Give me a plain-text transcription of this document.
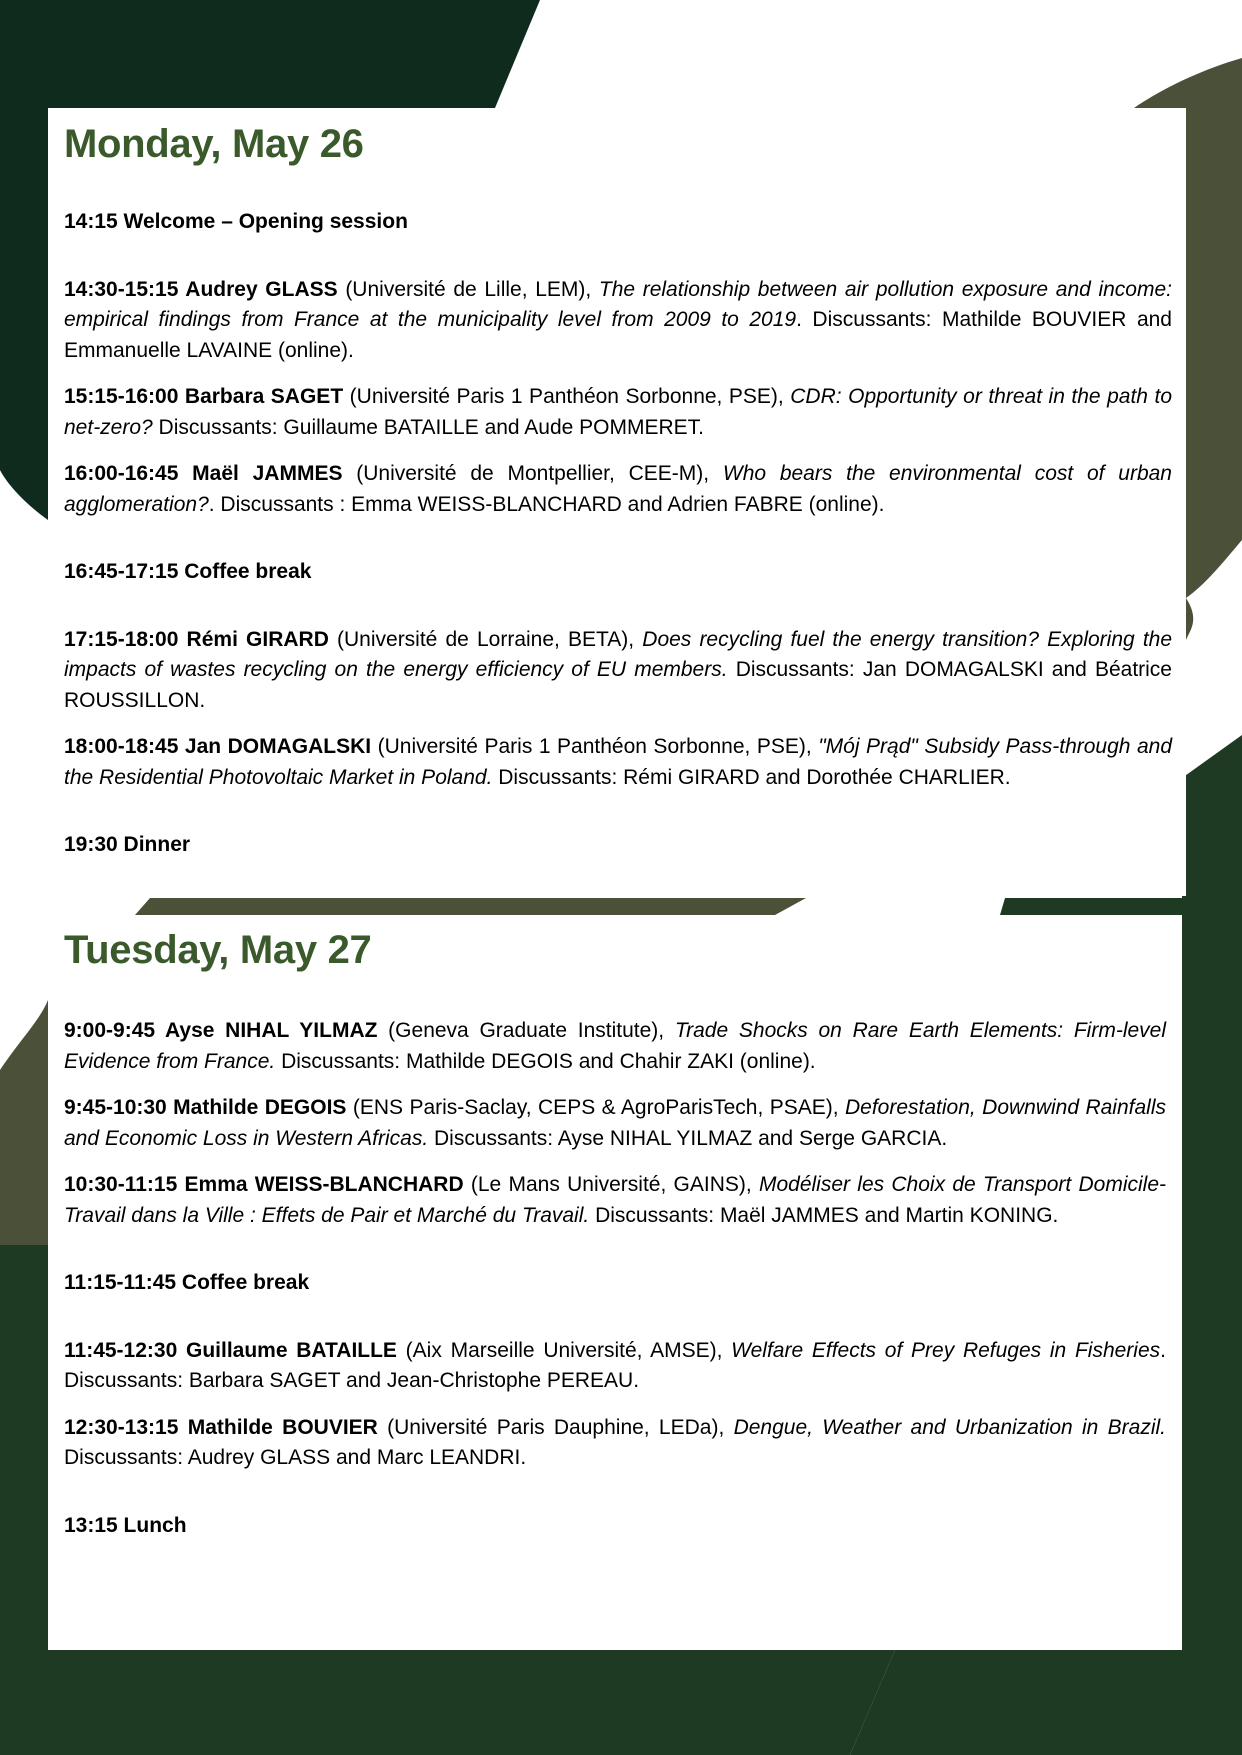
Monday, May 26

14:15 Welcome – Opening session

14:30-15:15 Audrey GLASS (Université de Lille, LEM), The relationship between air pollution exposure and income: empirical findings from France at the municipality level from 2009 to 2019. Discussants: Mathilde BOUVIER and Emmanuelle LAVAINE (online).

15:15-16:00 Barbara SAGET (Université Paris 1 Panthéon Sorbonne, PSE), CDR: Opportunity or threat in the path to net-zero? Discussants: Guillaume BATAILLE and Aude POMMERET.

16:00-16:45 Maël JAMMES (Université de Montpellier, CEE-M), Who bears the environmental cost of urban agglomeration?. Discussants : Emma WEISS-BLANCHARD and Adrien FABRE (online).

16:45-17:15 Coffee break

17:15-18:00 Rémi GIRARD (Université de Lorraine, BETA), Does recycling fuel the energy transition? Exploring the impacts of wastes recycling on the energy efficiency of EU members. Discussants: Jan DOMAGALSKI and Béatrice ROUSSILLON.

18:00-18:45 Jan DOMAGALSKI (Université Paris 1 Panthéon Sorbonne, PSE), "Mój Prąd" Subsidy Pass-through and the Residential Photovoltaic Market in Poland. Discussants: Rémi GIRARD and Dorothée CHARLIER.

19:30 Dinner

Tuesday, May 27

9:00-9:45 Ayse NIHAL YILMAZ (Geneva Graduate Institute), Trade Shocks on Rare Earth Elements: Firm-level Evidence from France. Discussants: Mathilde DEGOIS and Chahir ZAKI (online).

9:45-10:30 Mathilde DEGOIS (ENS Paris-Saclay, CEPS & AgroParisTech, PSAE), Deforestation, Downwind Rainfalls and Economic Loss in Western Africas. Discussants: Ayse NIHAL YILMAZ and Serge GARCIA.

10:30-11:15 Emma WEISS-BLANCHARD (Le Mans Université, GAINS), Modéliser les Choix de Transport Domicile-Travail dans la Ville : Effets de Pair et Marché du Travail. Discussants: Maël JAMMES and Martin KONING.

11:15-11:45 Coffee break

11:45-12:30 Guillaume BATAILLE (Aix Marseille Université, AMSE), Welfare Effects of Prey Refuges in Fisheries. Discussants: Barbara SAGET and Jean-Christophe PEREAU.

12:30-13:15 Mathilde BOUVIER (Université Paris Dauphine, LEDa), Dengue, Weather and Urbanization in Brazil. Discussants: Audrey GLASS and Marc LEANDRI.

13:15 Lunch
